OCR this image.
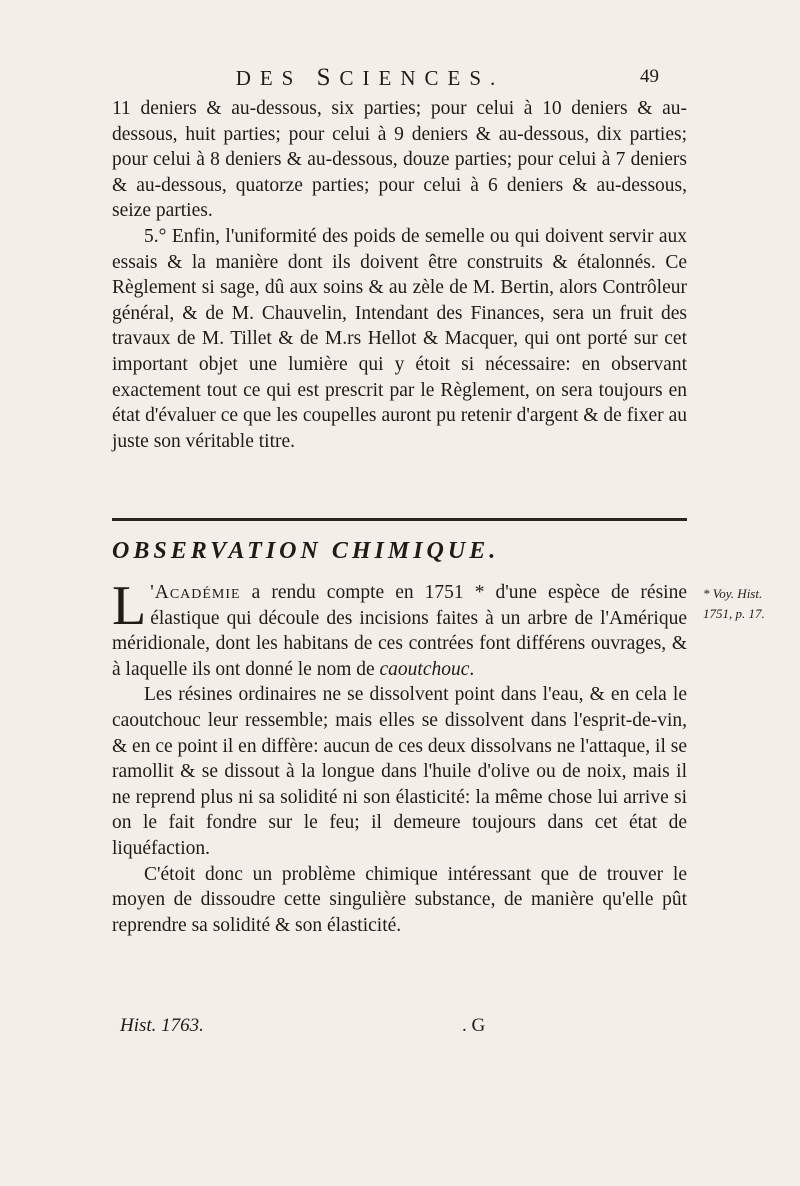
DES SCIENCES.	49

11 deniers & au-dessous, six parties; pour celui à 10 deniers & au-dessous, huit parties; pour celui à 9 deniers & au-dessous, dix parties; pour celui à 8 deniers & au-dessous, douze parties; pour celui à 7 deniers & au-dessous, quatorze parties; pour celui à 6 deniers & au-dessous, seize parties.

5.° Enfin, l'uniformité des poids de semelle ou qui doivent servir aux essais & la manière dont ils doivent être construits & étalonnés. Ce Règlement si sage, dû aux soins & au zèle de M. Bertin, alors Contrôleur général, & de M. Chauvelin, Intendant des Finances, sera un fruit des travaux de M. Tillet & de M.rs Hellot & Macquer, qui ont porté sur cet important objet une lumière qui y étoit si nécessaire: en observant exactement tout ce qui est prescrit par le Règlement, on sera toujours en état d'évaluer ce que les coupelles auront pu retenir d'argent & de fixer au juste son véritable titre.

OBSERVATION CHIMIQUE.

L 'Académie a rendu compte en 1751 * d'une espèce de résine élastique qui découle des incisions faites à un arbre de l'Amérique méridionale, dont les habitans de ces contrées font différens ouvrages, & à laquelle ils ont donné le nom de caoutchouc.

Les résines ordinaires ne se dissolvent point dans l'eau, & en cela le caoutchouc leur ressemble; mais elles se dissolvent dans l'esprit-de-vin, & en ce point il en diffère: aucun de ces deux dissolvans ne l'attaque, il se ramollit & se dissout à la longue dans l'huile d'olive ou de noix, mais il ne reprend plus ni sa solidité ni son élasticité: la même chose lui arrive si on le fait fondre sur le feu; il demeure toujours dans cet état de liquéfaction.

C'étoit donc un problème chimique intéressant que de trouver le moyen de dissoudre cette singulière substance, de manière qu'elle pût reprendre sa solidité & son élasticité.

* Voy. Hist. 1751, p. 17.
Hist. 1763.	. G
